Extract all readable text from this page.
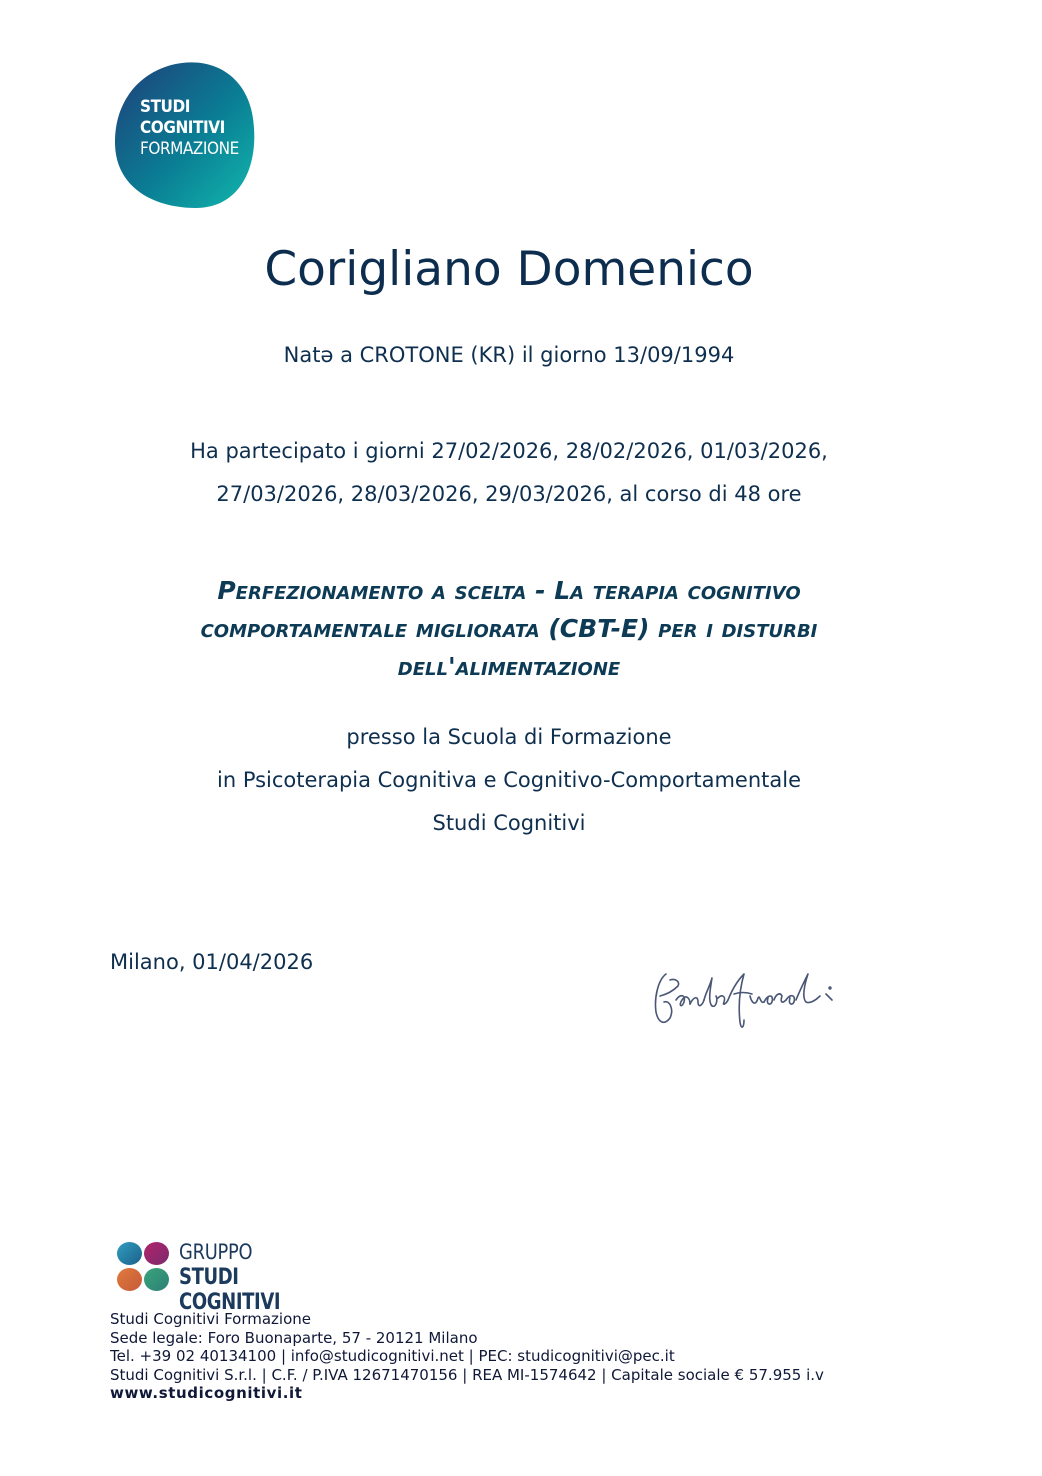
STUDI
COGNITIVI
FORMAZIONE
Corigliano Domenico
Natə a CROTONE (KR) il giorno 13/09/1994
Ha partecipato i giorni 27/02/2026, 28/02/2026, 01/03/2026,
27/03/2026, 28/03/2026, 29/03/2026, al corso di 48 ore
Perfezionamento a scelta - La terapia cognitivo
comportamentale migliorata (CBT-E) per i disturbi
dell'alimentazione
presso la Scuola di Formazione
in Psicoterapia Cognitiva e Cognitivo-Comportamentale
Studi Cognitivi
Milano, 01/04/2026
GRUPPO
STUDI COGNITIVI
Studi Cognitivi Formazione
Sede legale: Foro Buonaparte, 57 - 20121 Milano
Tel. +39 02 40134100 | info@studicognitivi.net | PEC: studicognitivi@pec.it
Studi Cognitivi S.r.l. | C.F. / P.IVA 12671470156 | REA MI-1574642 | Capitale sociale € 57.955 i.v
www.studicognitivi.it
